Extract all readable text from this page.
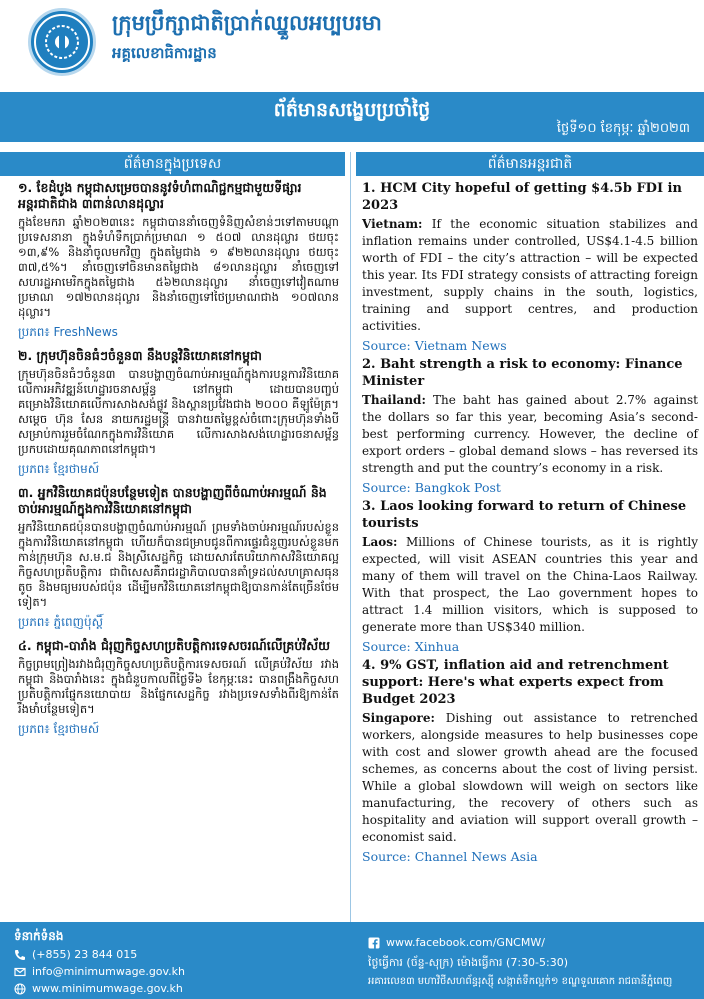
ក្រុមប្រឹក្សាជាតិប្រាក់ឈ្នួលអប្បបរមា
អគ្គលេខាធិការដ្ឋាន
ព័ត៌មានសង្ខេបប្រចាំថ្ងៃ
ថ្ងៃទី១០ ខែកុម្ភៈ ឆ្នាំ២០២៣
ព័ត៌មានក្នុងប្រទេស
១. ខែដំបូង កម្ពុជាសម្រេចបាននូវទំហំពាណិជ្ជកម្មជាមួយទីផ្សារអន្តរជាតិជាង ៣ពាន់លានដុល្លារ

ក្នុងខែមករា ឆ្នាំ២០២៣នេះ កម្ពុជាបាននាំចេញទំនិញសំខាន់ៗទៅតាមបណ្តាប្រទេសនានា ក្នុងទំហំទឹកប្រាក់ប្រមាណ ១ ៥០៧ លានដុល្លារ ថយចុះ ១៣,៩% និងនាំចូលមកវិញ ក្នុងតម្លៃជាង ១ ៩២២លានដុល្លារ ថយចុះ ៣៧,៥%។ នាំចេញទៅចិនមានតម្លៃជាង ៨១លានដុល្លារ នាំចេញទៅសហរដ្ឋអាមេរិកក្នុងតម្លៃជាង ៥៦២លានដុល្លារ នាំចេញទៅវៀតណាម ប្រមាណ ១៧២លានដុល្លារ និងនាំចេញទៅថៃប្រមាណជាង ១០៧លានដុល្លារ។

ប្រភព៖ FreshNews
២. ក្រុមហ៊ុនចិនធំៗចំនួន៣ នឹងបន្តវិនិយោគនៅកម្ពុជា

ក្រុមហ៊ុនចិនធំៗចំនួន៣ បានបង្ហាញចំណាប់អារម្មណ៍ក្នុងការបន្តការវិនិយោគលើការអភិវឌ្ឍន៍ហេដ្ឋារចនាសម្ព័ន្ធ នៅកម្ពុជា ដោយបានបញ្ចប់គម្រោងវិនិយោគលើការសាងសង់ផ្លូវ និងស្ពានប្រវែងជាង ២០០០ គីឡូម៉ែត្រ។ សម្តេច ហ៊ុន សែន នាយករដ្ឋមន្ត្រី បានវាយតម្លៃខ្ពស់ចំពោះក្រុមហ៊ុនទាំងបី សម្រាប់ការរួមចំណែកក្នុងការវិនិយោគ លើការសាងសង់ហេដ្ឋារចនាសម្ព័ន្ធប្រកបដោយគុណភាពនៅកម្ពុជា។

ប្រភព៖ ខ្មែរថាមស៍
៣. អ្នកវិនិយោគជប៉ុនបន្ថែមទៀត បានបង្ហាញពីចំណាប់អារម្មណ៍ និងចាប់អារម្មណ៍ក្នុងការវិនិយោគនៅកម្ពុជា

អ្នកវិនិយោគជប៉ុនបានបង្ហាញចំណាប់អារម្មណ៍ ព្រមទាំងចាប់អារម្មណ៍របស់ខ្លួន ក្នុងការវិនិយោគនៅកម្ពុជា ហើយក៏បានជម្រាបជូនពីការផ្ទេរជំនួញរបស់ខ្លួនមកកាន់ក្រុមហ៊ុន ស.ម.ជ និងស្រីសេដ្ឋកិច្ច ដោយសារតែបរិយាកាសវិនិយោគល្អ កិច្ចសហប្រតិបត្តិការ ជាពិសេសគឺរាជរដ្ឋាភិបាលបានគាំទ្រដល់សហគ្រាសធុនតូច និងមធ្យមរបស់ជប៉ុន ដើម្បីមកវិនិយោគនៅកម្ពុជាឱ្យបានកាន់តែច្រើនថែមទៀត។

ប្រភព៖ ភ្នំពេញប៉ុស្តិ៍
៤. កម្ពុជា-បារាំង ជំរុញកិច្ចសហប្រតិបត្តិការទេសចរណ៍លើគ្រប់វិស័យ

កិច្ចព្រមព្រៀងរវាងជំរុញកិច្ចសហប្រតិបត្តិការទេសចរណ៍ លើគ្រប់វិស័យ រវាងកម្ពុជា និងបារាំងនេះ ក្នុងជំនួបកាលពីថ្ងៃទី៦ ខែកុម្ភៈនេះ បានពង្រឹងកិច្ចសហប្រតិបត្តិការផ្នែកនយោបាយ និងផ្នែកសេដ្ឋកិច្ច រវាងប្រទេសទាំងពីរឱ្យកាន់តែរឹងមាំបន្ថែមទៀត។

ប្រភព៖ ខ្មែរថាមស៍
ព័ត៌មានអន្តរជាតិ
1. HCM City hopeful of getting $4.5b FDI in 2023

Vietnam: If the economic situation stabilizes and inflation remains under controlled, US$4.1-4.5 billion worth of FDI – the city’s attraction – will be expected this year. Its FDI strategy consists of attracting foreign investment, supply chains in the south, logistics, training and support centres, and production activities.

Source: Vietnam News
2. Baht strength a risk to economy: Finance Minister

Thailand: The baht has gained about 2.7% against the dollars so far this year, becoming Asia’s second-best performing currency. However, the decline of export orders – global demand slows – has reversed its strength and put the country’s economy in a risk.

Source: Bangkok Post
3. Laos looking forward to return of Chinese tourists

Laos: Millions of Chinese tourists, as it is rightly expected, will visit ASEAN countries this year and many of them will travel on the China-Laos Railway. With that prospect, the Lao government hopes to attract 1.4 million visitors, which is supposed to generate more than US$340 million.

Source: Xinhua
4. 9% GST, inflation aid and retrenchment support: Here's what experts expect from Budget 2023

Singapore: Dishing out assistance to retrenched workers, alongside measures to help businesses cope with cost and slower growth ahead are the focused schemes, as concerns about the cost of living persist. While a global slowdown will weigh on sectors like manufacturing, the recovery of others such as hospitality and aviation will support overall growth – economist said.

Source: Channel News Asia
ទំនាក់ទំនង
(+855) 23 844 015
info@minimumwage.gov.kh
www.minimumwage.gov.kh
www.facebook.com/GNCMW/
ថ្ងៃធ្វើការ (ច័ន្ទ-សុក្រ) ម៉ោងធ្វើការ (7:30-5:30)
អគារលេខ៣ មហាវិថីសហព័ន្ធរុស្ស៊ី សង្កាត់ទឹកល្អក់១ ខណ្ឌទួលគោក រាជធានីភ្នំពេញ
